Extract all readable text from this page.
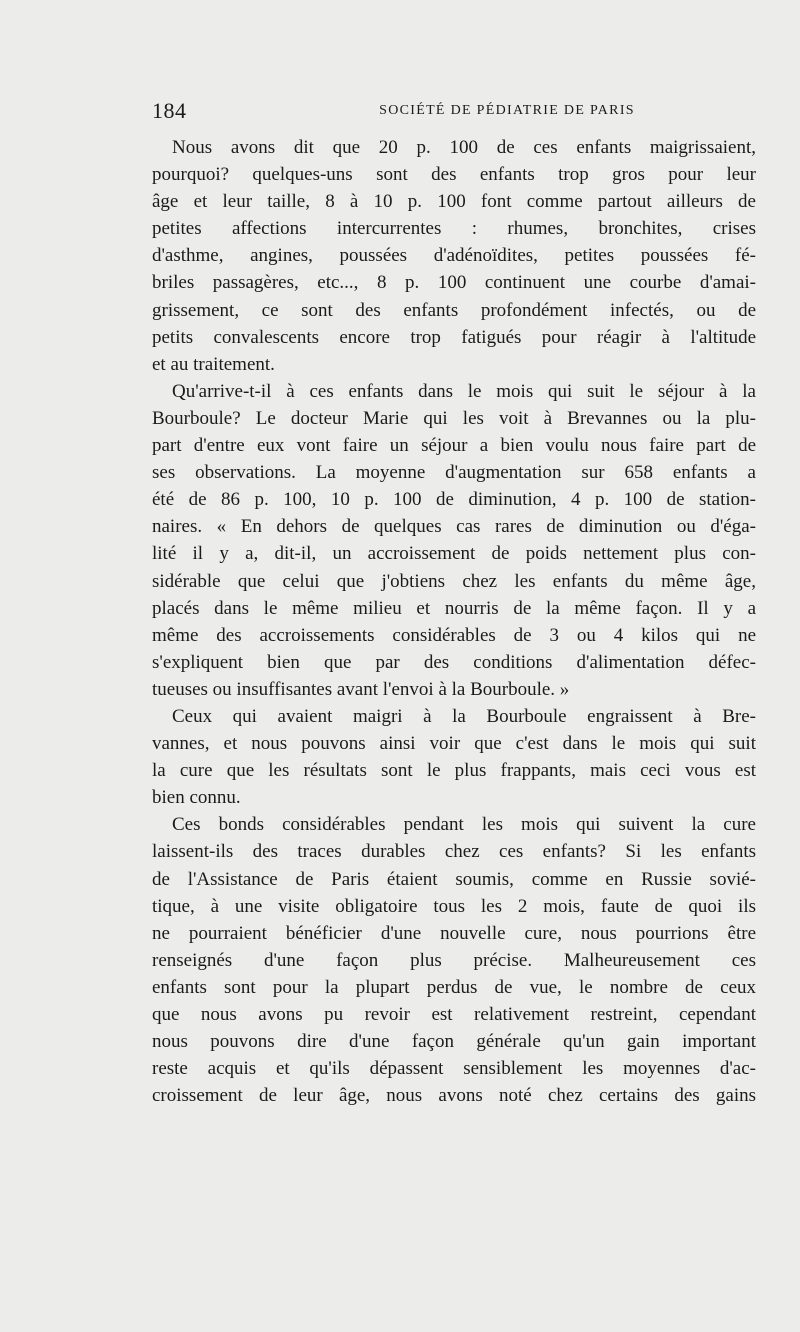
184	SOCIÉTÉ DE PÉDIATRIE DE PARIS
Nous avons dit que 20 p. 100 de ces enfants maigrissaient,
pourquoi? quelques-uns sont des enfants trop gros pour leur
âge et leur taille, 8 à 10 p. 100 font comme partout ailleurs de
petites affections intercurrentes : rhumes, bronchites, crises
d'asthme, angines, poussées d'adénoïdites, petites poussées fé-
briles passagères, etc..., 8 p. 100 continuent une courbe d'amai-
grissement, ce sont des enfants profondément infectés, ou de
petits convalescents encore trop fatigués pour réagir à l'altitude
et au traitement.
Qu'arrive-t-il à ces enfants dans le mois qui suit le séjour à la
Bourboule? Le docteur Marie qui les voit à Brevannes ou la plu-
part d'entre eux vont faire un séjour a bien voulu nous faire part de
ses observations. La moyenne d'augmentation sur 658 enfants a
été de 86 p. 100, 10 p. 100 de diminution, 4 p. 100 de station-
naires. « En dehors de quelques cas rares de diminution ou d'éga-
lité il y a, dit-il, un accroissement de poids nettement plus con-
sidérable que celui que j'obtiens chez les enfants du même âge,
placés dans le même milieu et nourris de la même façon. Il y a
même des accroissements considérables de 3 ou 4 kilos qui ne
s'expliquent bien que par des conditions d'alimentation défec-
tueuses ou insuffisantes avant l'envoi à la Bourboule. »
Ceux qui avaient maigri à la Bourboule engraissent à Bre-
vannes, et nous pouvons ainsi voir que c'est dans le mois qui suit
la cure que les résultats sont le plus frappants, mais ceci vous est
bien connu.
Ces bonds considérables pendant les mois qui suivent la cure
laissent-ils des traces durables chez ces enfants? Si les enfants
de l'Assistance de Paris étaient soumis, comme en Russie sovié-
tique, à une visite obligatoire tous les 2 mois, faute de quoi ils
ne pourraient bénéficier d'une nouvelle cure, nous pourrions être
renseignés d'une façon plus précise. Malheureusement ces
enfants sont pour la plupart perdus de vue, le nombre de ceux
que nous avons pu revoir est relativement restreint, cependant
nous pouvons dire d'une façon générale qu'un gain important
reste acquis et qu'ils dépassent sensiblement les moyennes d'ac-
croissement de leur âge, nous avons noté chez certains des gains
